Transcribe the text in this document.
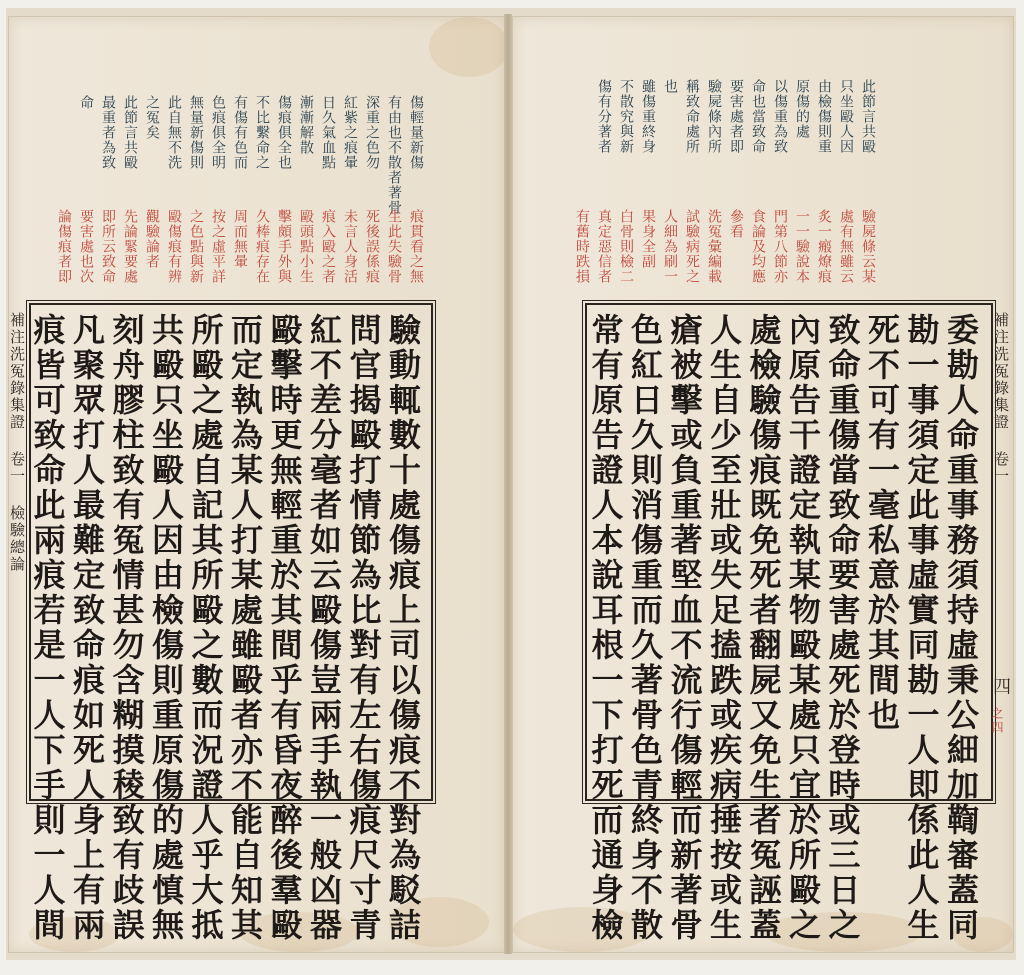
傷輕量新傷
有由也不散者著骨
深重之色勿
紅紫之痕暈
日久氣血點
漸漸解散
傷痕俱全也
不比繫命之
有傷有色而
色痕俱全明
無量新傷則
此自無不洗
之冤矣
此節言共毆
最重者為致
命
痕貫看之無
生此失驗骨
死後誤係痕
未言人身活
痕入毆之者
毆頭點小生
擊頗手外與
久棒痕存在
周而無暈
按之虛平詳
之色點與新
毆傷痕有辨
觀驗論者
先論緊要處
即所云致命
要害處也次
論傷痕者即
驗動輒數十處傷痕上司以傷痕不對為駁詰
問官揭毆打情節為比對有左右傷痕尺寸青
紅不差分毫者如云毆傷豈兩手執一般凶器
毆擊時更無輕重於其間乎有昏夜醉後羣毆
而定執為某人打某處雖毆者亦不能自知其
所毆之處自記其所毆之數而況證人乎大抵
共毆只坐毆人因由檢傷則重原傷的處慎無
刻舟膠柱致有冤情甚勿含糊摸稜致有歧誤
凡聚眾打人最難定致命痕如死人身上有兩
痕皆可致命此兩痕若是一人下手則一人間
補注洗冤錄集證 卷一 檢驗總論
此節言共毆
只坐毆人因
由檢傷則重
原傷的處
以傷重為致
命也當致命
要害處者即
驗屍條內所
稱致命處所
也
雖傷重終身
不散究與新
傷有分著者
驗屍條云某
處有無雖云
炙一瘢燎痕
一一驗說本
門第八節亦
食論及均應
參看
洗冤彙編載
試驗病死之
人細為刷一
果身全副
白骨則檢二
真定惡信者
有舊時跌損
委勘人命重事務須持虛秉公細加鞫審蓋同
勘一事須定此事虛實同勘一人即係此人生
死不可有一毫私意於其間也
致命重傷當致命要害處死於登時或三日之
內原告干證定執某物毆某處只宜於所毆之
處檢驗傷痕既免死者翻屍又免生者冤誣蓋
人生自少至壯或失足搕跌或疾病捶按或生
瘡被擊或負重著堅血不流行傷輕而新著骨
色紅日久則消傷重而久著骨色青終身不散
常有原告證人本說耳根一下打死而通身檢	補注洗冤錄集證 卷一
四
之四
